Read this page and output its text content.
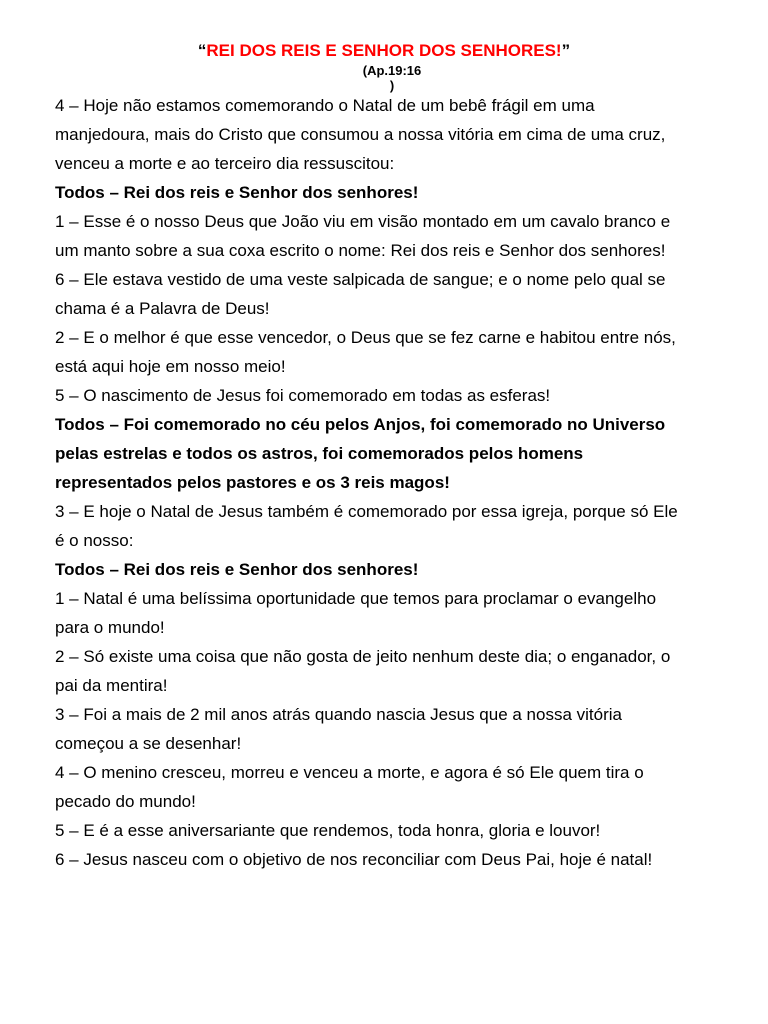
“REI DOS REIS E SENHOR DOS SENHORES!”
(Ap.19:16
)
4 – Hoje não estamos comemorando o Natal de um bebê frágil em uma
manjedoura, mais do Cristo que consumou a nossa vitória em cima de uma cruz,
venceu a morte e ao terceiro dia ressuscitou:
Todos – Rei dos reis e Senhor dos senhores!
1 – Esse é o nosso Deus que João viu em visão montado em um cavalo branco e
um manto sobre a sua coxa escrito o nome: Rei dos reis e Senhor dos senhores!
6 – Ele estava vestido de uma veste salpicada de sangue; e o nome pelo qual se
chama é a Palavra de Deus!
2 – E o melhor é que esse vencedor, o Deus que se fez carne e habitou entre nós,
está aqui hoje em nosso meio!
5 – O nascimento de Jesus foi comemorado em todas as esferas!
Todos – Foi comemorado no céu pelos Anjos, foi comemorado no Universo
pelas estrelas e todos os astros, foi comemorados pelos homens
representados pelos pastores e os 3 reis magos!
3 – E hoje o Natal de Jesus também é comemorado por essa igreja, porque só Ele
é o nosso:
Todos – Rei dos reis e Senhor dos senhores!
1 – Natal é uma belíssima oportunidade que temos para proclamar o evangelho
para o mundo!
2 – Só existe uma coisa que não gosta de jeito nenhum deste dia; o enganador, o
pai da mentira!
3 – Foi a mais de 2 mil anos atrás quando nascia Jesus que a nossa vitória
começou a se desenhar!
4 – O menino cresceu, morreu e venceu a morte, e agora é só Ele quem tira o
pecado do mundo!
5 – E é a esse aniversariante que rendemos, toda honra, gloria e louvor!
6 – Jesus nasceu com o objetivo de nos reconciliar com Deus Pai, hoje é natal!
